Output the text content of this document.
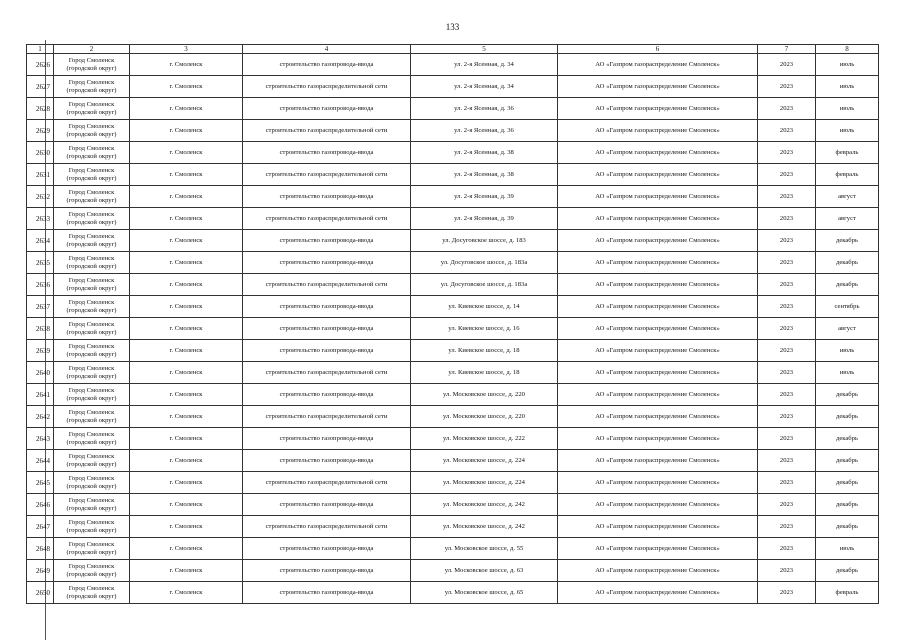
133
1	2	3	4	5	6	7	8
2626	Город Смоленск (городской округ)	г. Смоленск	строительство газопровода-ввода	ул. 2-я Ясенная, д. 34	АО «Газпром газораспределение Смоленск»	2023	июль
2627	Город Смоленск (городской округ)	г. Смоленск	строительство газораспределительной сети	ул. 2-я Ясенная, д. 34	АО «Газпром газораспределение Смоленск»	2023	июль
2628	Город Смоленск (городской округ)	г. Смоленск	строительство газопровода-ввода	ул. 2-я Ясенная, д. 36	АО «Газпром газораспределение Смоленск»	2023	июль
2629	Город Смоленск (городской округ)	г. Смоленск	строительство газораспределительной сети	ул. 2-я Ясенная, д. 36	АО «Газпром газораспределение Смоленск»	2023	июль
2630	Город Смоленск (городской округ)	г. Смоленск	строительство газопровода-ввода	ул. 2-я Ясенная, д. 38	АО «Газпром газораспределение Смоленск»	2023	февраль
2631	Город Смоленск (городской округ)	г. Смоленск	строительство газораспределительной сети	ул. 2-я Ясенная, д. 38	АО «Газпром газораспределение Смоленск»	2023	февраль
2632	Город Смоленск (городской округ)	г. Смоленск	строительство газопровода-ввода	ул. 2-я Ясенная, д. 39	АО «Газпром газораспределение Смоленск»	2023	август
2633	Город Смоленск (городской округ)	г. Смоленск	строительство газораспределительной сети	ул. 2-я Ясенная, д. 39	АО «Газпром газораспределение Смоленск»	2023	август
2634	Город Смоленск (городской округ)	г. Смоленск	строительство газопровода-ввода	ул. Досуговское шоссе, д. 183	АО «Газпром газораспределение Смоленск»	2023	декабрь
2635	Город Смоленск (городской округ)	г. Смоленск	строительство газопровода-ввода	ул. Досуговское шоссе, д. 183а	АО «Газпром газораспределение Смоленск»	2023	декабрь
2636	Город Смоленск (городской округ)	г. Смоленск	строительство газораспределительной сети	ул. Досуговское шоссе, д. 183а	АО «Газпром газораспределение Смоленск»	2023	декабрь
2637	Город Смоленск (городской округ)	г. Смоленск	строительство газопровода-ввода	ул. Киевское шоссе, д. 14	АО «Газпром газораспределение Смоленск»	2023	сентябрь
2638	Город Смоленск (городской округ)	г. Смоленск	строительство газопровода-ввода	ул. Киевское шоссе, д. 16	АО «Газпром газораспределение Смоленск»	2023	август
2639	Город Смоленск (городской округ)	г. Смоленск	строительство газопровода-ввода	ул. Киевское шоссе, д. 18	АО «Газпром газораспределение Смоленск»	2023	июль
2640	Город Смоленск (городской округ)	г. Смоленск	строительство газораспределительной сети	ул. Киевское шоссе, д. 18	АО «Газпром газораспределение Смоленск»	2023	июль
2641	Город Смоленск (городской округ)	г. Смоленск	строительство газопровода-ввода	ул. Московское шоссе, д. 220	АО «Газпром газораспределение Смоленск»	2023	декабрь
2642	Город Смоленск (городской округ)	г. Смоленск	строительство газораспределительной сети	ул. Московское шоссе, д. 220	АО «Газпром газораспределение Смоленск»	2023	декабрь
2643	Город Смоленск (городской округ)	г. Смоленск	строительство газопровода-ввода	ул. Московское шоссе, д. 222	АО «Газпром газораспределение Смоленск»	2023	декабрь
2644	Город Смоленск (городской округ)	г. Смоленск	строительство газопровода-ввода	ул. Московское шоссе, д. 224	АО «Газпром газораспределение Смоленск»	2023	декабрь
2645	Город Смоленск (городской округ)	г. Смоленск	строительство газораспределительной сети	ул. Московское шоссе, д. 224	АО «Газпром газораспределение Смоленск»	2023	декабрь
2646	Город Смоленск (городской округ)	г. Смоленск	строительство газопровода-ввода	ул. Московское шоссе, д. 242	АО «Газпром газораспределение Смоленск»	2023	декабрь
2647	Город Смоленск (городской округ)	г. Смоленск	строительство газораспределительной сети	ул. Московское шоссе, д. 242	АО «Газпром газораспределение Смоленск»	2023	декабрь
2648	Город Смоленск (городской округ)	г. Смоленск	строительство газопровода-ввода	ул. Московское шоссе, д. 55	АО «Газпром газораспределение Смоленск»	2023	июль
2649	Город Смоленск (городской округ)	г. Смоленск	строительство газопровода-ввода	ул. Московское шоссе, д. 63	АО «Газпром газораспределение Смоленск»	2023	декабрь
2650	Город Смоленск (городской округ)	г. Смоленск	строительство газопровода-ввода	ул. Московское шоссе, д. 65	АО «Газпром газораспределение Смоленск»	2023	февраль
